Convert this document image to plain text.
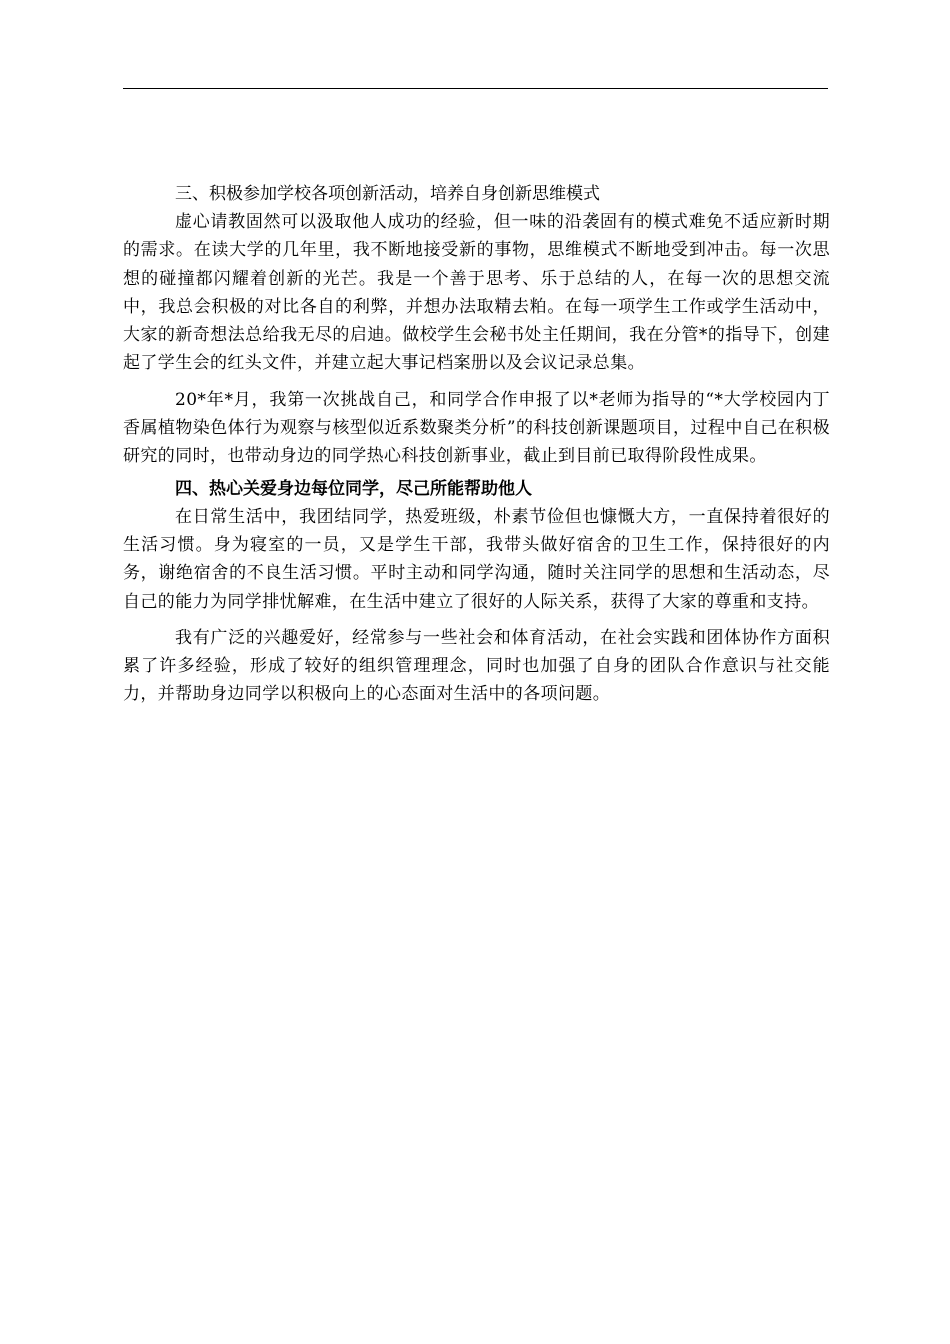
三、积极参加学校各项创新活动，培养自身创新思维模式

虚心请教固然可以汲取他人成功的经验，但一味的沿袭固有的模式难免不适应新时期的需求。在读大学的几年里，我不断地接受新的事物，思维模式不断地受到冲击。每一次思想的碰撞都闪耀着创新的光芒。我是一个善于思考、乐于总结的人，在每一次的思想交流中，我总会积极的对比各自的利弊，并想办法取精去粕。在每一项学生工作或学生活动中，大家的新奇想法总给我无尽的启迪。做校学生会秘书处主任期间，我在分管*的指导下，创建起了学生会的红头文件，并建立起大事记档案册以及会议记录总集。

20*年*月，我第一次挑战自己，和同学合作申报了以*老师为指导的“*大学校园内丁香属植物染色体行为观察与核型似近系数聚类分析”的科技创新课题项目，过程中自己在积极研究的同时，也带动身边的同学热心科技创新事业，截止到目前已取得阶段性成果。

四、热心关爱身边每位同学，尽己所能帮助他人

在日常生活中，我团结同学，热爱班级，朴素节俭但也慷慨大方，一直保持着很好的生活习惯。身为寝室的一员，又是学生干部，我带头做好宿舍的卫生工作，保持很好的内务，谢绝宿舍的不良生活习惯。平时主动和同学沟通，随时关注同学的思想和生活动态，尽自己的能力为同学排忧解难，在生活中建立了很好的人际关系，获得了大家的尊重和支持。

我有广泛的兴趣爱好，经常参与一些社会和体育活动，在社会实践和团体协作方面积累了许多经验，形成了较好的组织管理理念，同时也加强了自身的团队合作意识与社交能力，并帮助身边同学以积极向上的心态面对生活中的各项问题。
